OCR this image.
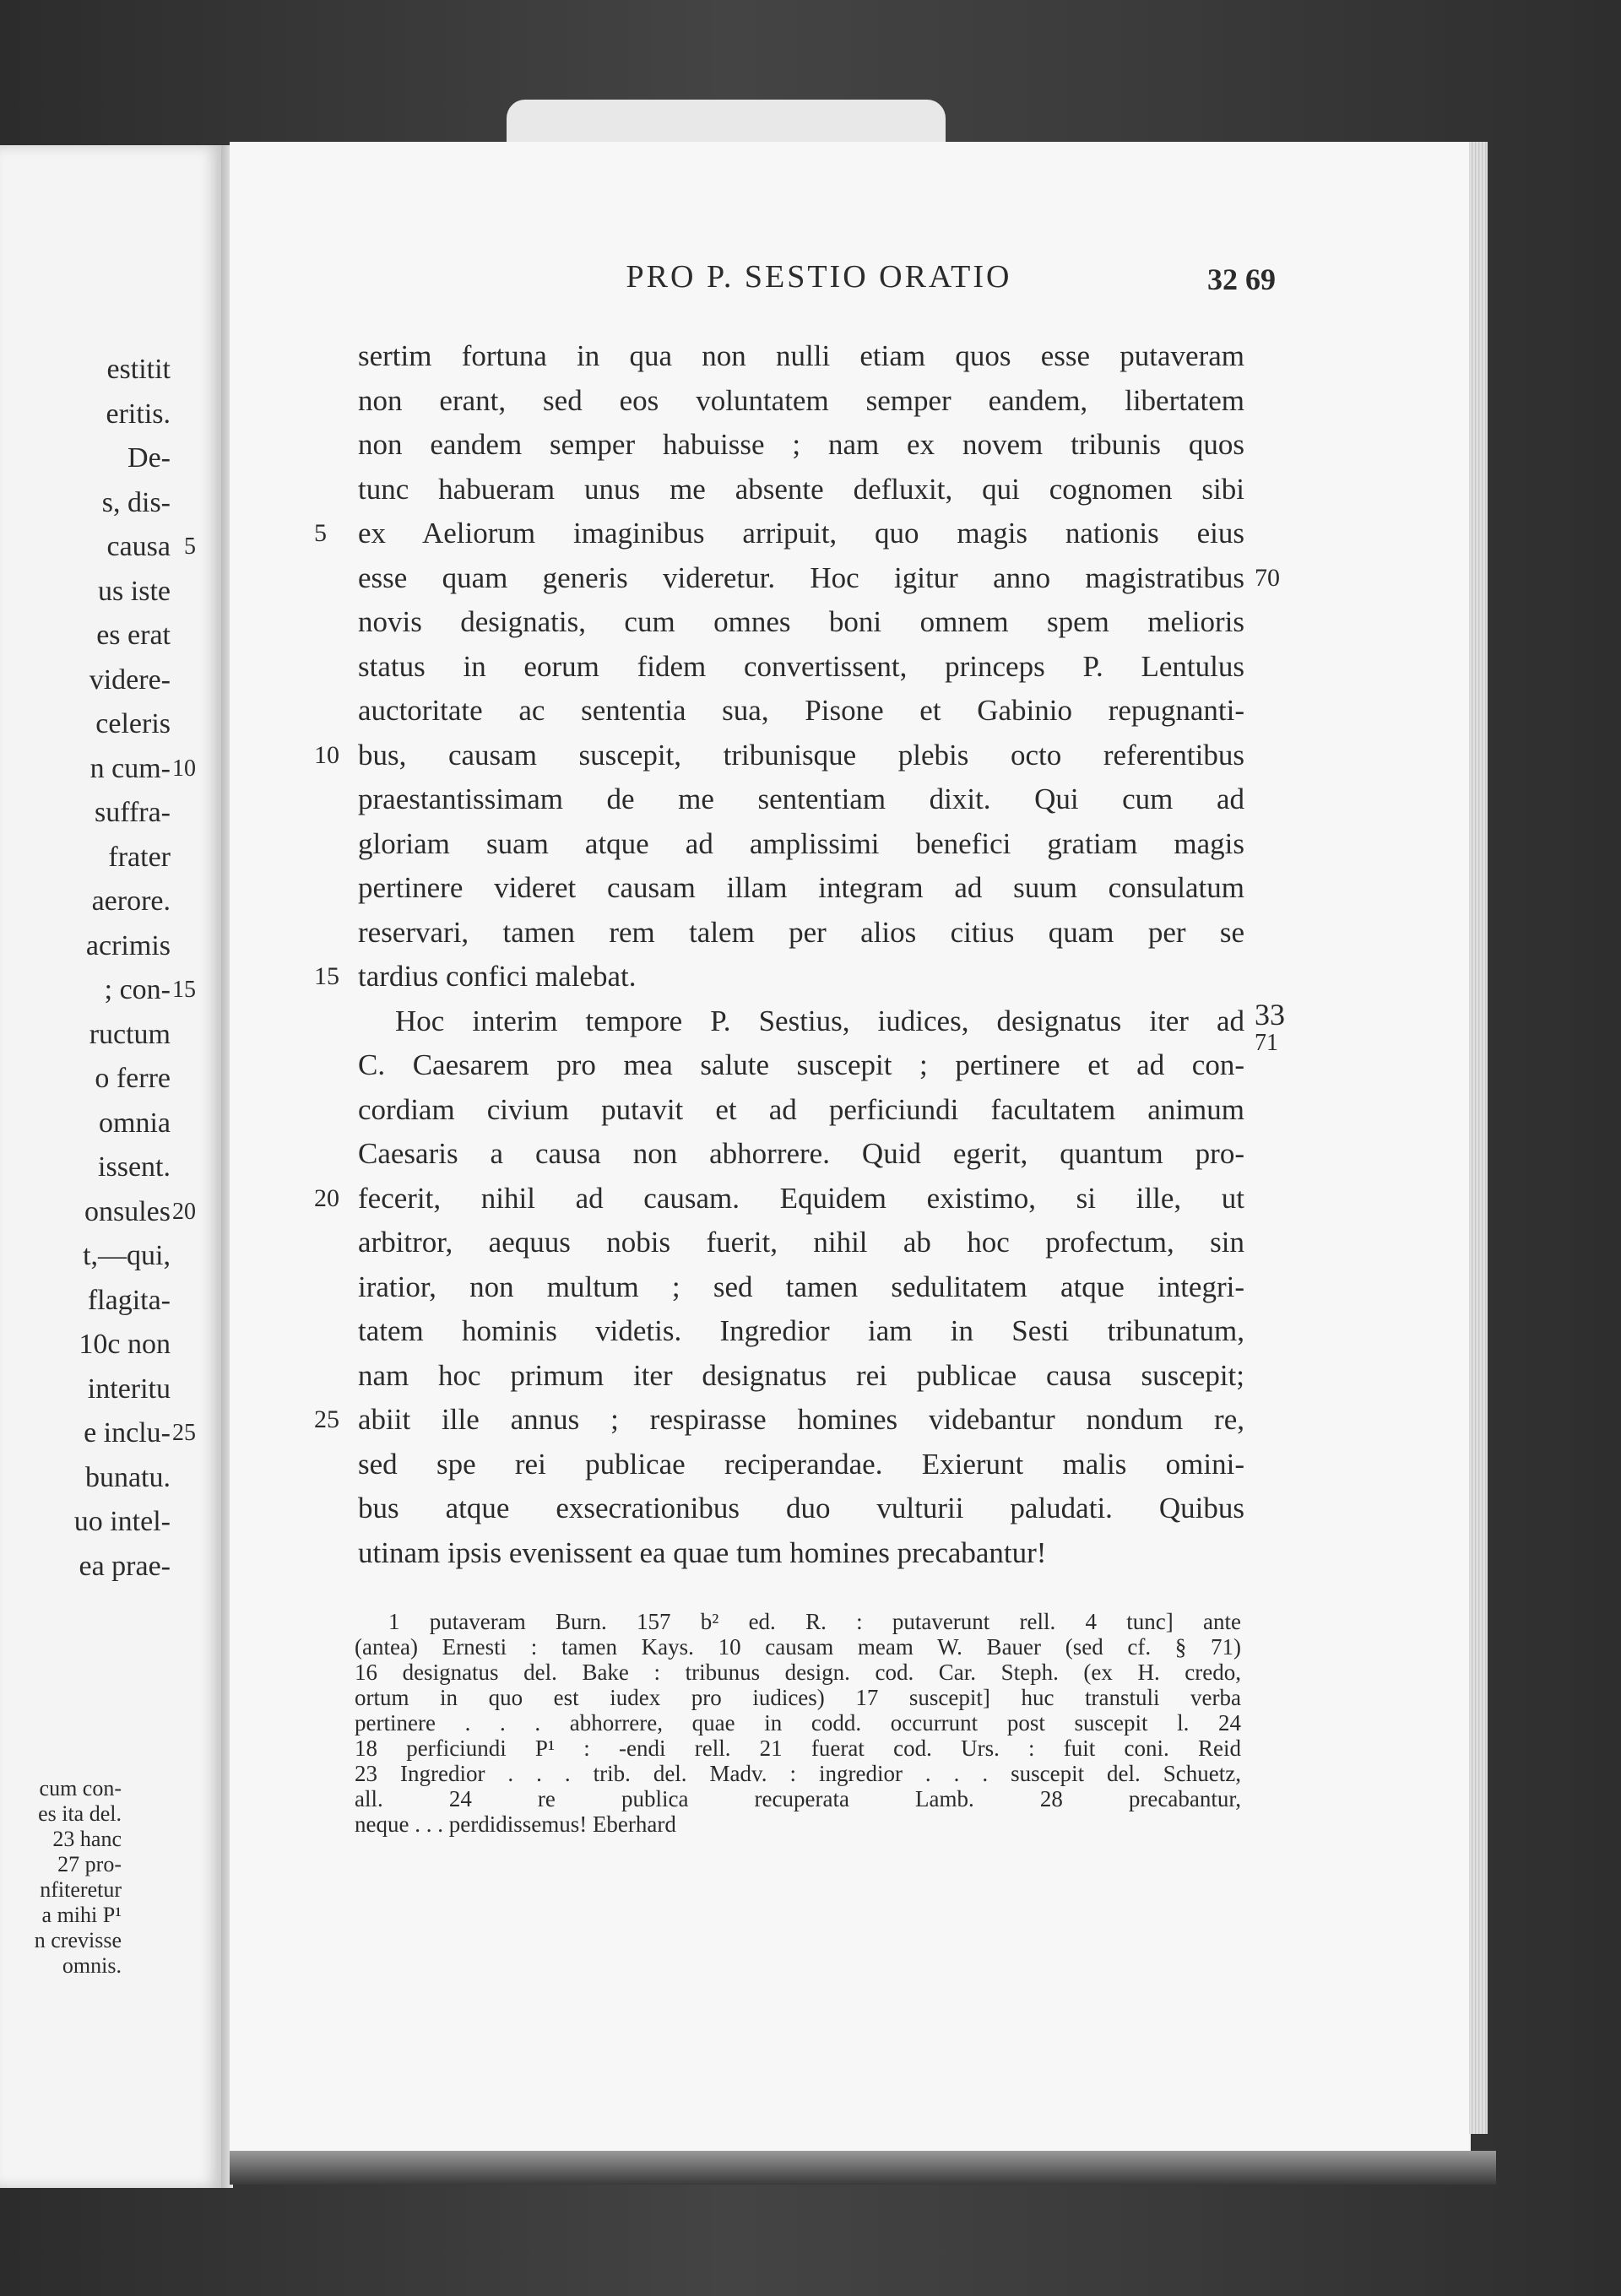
estitit
eritis.
De-
s, dis-
causa 5
us iste
es erat
videre-
celeris
n cum- 10
suffra-
frater
aerore.
acrimis
; con- 15
ructum
o ferre
omnia
issent.
onsules 20
t,—qui,
flagita-
10c non
interitu
e inclu- 25
bunatu.
uo intel-
ea prae-
cum con-
es ita del.
23 hanc
27 pro-
nfiteretur
a mihi P¹
n crevisse
omnis.
PRO P. SESTIO ORATIO	32 69
sertim fortuna in qua non nulli etiam quos esse putaveram
non erant, sed eos voluntatem semper eandem, libertatem
non eandem semper habuisse ; nam ex novem tribunis quos
tunc habueram unus me absente defluxit, qui cognomen sibi
ex Aeliorum imaginibus arripuit, quo magis nationis eius
5
esse quam generis videretur. Hoc igitur anno magistratibus 70
novis designatis, cum omnes boni omnem spem melioris
status in eorum fidem convertissent, princeps P. Lentulus
auctoritate ac sententia sua, Pisone et Gabinio repugnanti-
bus, causam suscepit, tribunisque plebis octo referentibus
10
praestantissimam de me sententiam dixit. Qui cum ad
gloriam suam atque ad amplissimi benefici gratiam magis
pertinere videret causam illam integram ad suum consulatum
reservari, tamen rem talem per alios citius quam per se
tardius confici malebat.
15
Hoc interim tempore P. Sestius, iudices, designatus iter ad 33
71
C. Caesarem pro mea salute suscepit ; pertinere et ad con-
cordiam civium putavit et ad perficiundi facultatem animum
Caesaris a causa non abhorrere. Quid egerit, quantum pro-
fecerit, nihil ad causam. Equidem existimo, si ille, ut
20
arbitror, aequus nobis fuerit, nihil ab hoc profectum, sin
iratior, non multum ; sed tamen sedulitatem atque integri-
tatem hominis videtis. Ingredior iam in Sesti tribunatum,
nam hoc primum iter designatus rei publicae causa suscepit;
abiit ille annus ; respirasse homines videbantur nondum re,
25
sed spe rei publicae reciperandae. Exierunt malis omini-
bus atque exsecrationibus duo vulturii paludati. Quibus
utinam ipsis evenissent ea quae tum homines precabantur!
1 putaveram Burn. 157 b² ed. R. : putaverunt rell. 4 tunc] ante
(antea) Ernesti : tamen Kays. 10 causam meam W. Bauer (sed cf. § 71)
16 designatus del. Bake : tribunus design. cod. Car. Steph. (ex H. credo,
ortum in quo est iudex pro iudices) 17 suscepit] huc transtuli verba
pertinere . . . abhorrere, quae in codd. occurrunt post suscepit l. 24
18 perficiundi P¹ : -endi rell. 21 fuerat cod. Urs. : fuit coni. Reid
23 Ingredior . . . trib. del. Madv. : ingredior . . . suscepit del. Schuetz,
all. 24 re publica recuperata Lamb. 28 precabantur,
neque . . . perdidissemus! Eberhard
